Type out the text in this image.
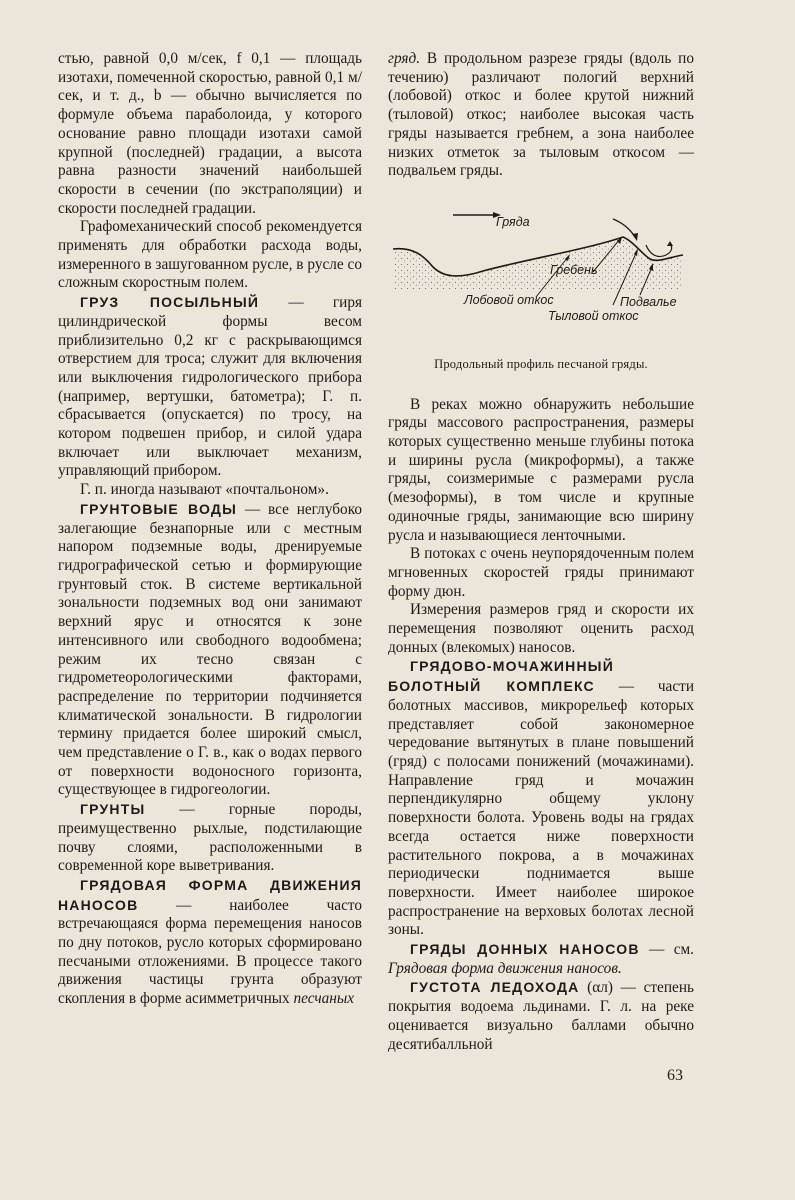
стью, равной 0,0 м/сек, f 0,1 — площадь изотахи, помеченной скоростью, равной 0,1 м/сек, и т. д., b — обычно вычисляется по формуле объема параболоида, у которого основание равно площади изотахи самой крупной (последней) градации, а высота равна разности значений наибольшей скорости в сечении (по экстраполяции) и скорости последней градации.

Графомеханический способ рекомендуется применять для обработки расхода воды, измеренного в зашугованном русле, в русле со сложным скоростным полем.

ГРУЗ ПОСЫЛЬНЫЙ — гиря цилиндрической формы весом приблизительно 0,2 кг с раскрывающимся отверстием для троса; служит для включения или выключения гидрологического прибора (например, вертушки, батометра); Г. п. сбрасывается (опускается) по тросу, на котором подвешен прибор, и силой удара включает или выключает механизм, управляющий прибором.

Г. п. иногда называют «почтальоном».

ГРУНТОВЫЕ ВОДЫ — все неглубоко залегающие безнапорные или с местным напором подземные воды, дренируемые гидрографической сетью и формирующие грунтовый сток. В системе вертикальной зональности подземных вод они занимают верхний ярус и относятся к зоне интенсивного или свободного водообмена; режим их тесно связан с гидрометеорологическими факторами, распределение по территории подчиняется климатической зональности. В гидрологии термину придается более широкий смысл, чем представление о Г. в., как о водах первого от поверхности водоносного горизонта, существующее в гидрогеологии.

ГРУНТЫ — горные породы, преимущественно рыхлые, подстилающие почву слоями, расположенными в современной коре выветривания.

ГРЯДОВАЯ ФОРМА ДВИЖЕНИЯ НАНОСОВ — наиболее часто встречающаяся форма перемещения наносов по дну потоков, русло которых сформировано песчаными отложениями. В процессе такого движения частицы грунта образуют скопления в форме асимметричных песчаных

гряд. В продольном разрезе гряды (вдоль по течению) различают пологий верхний (лобовой) откос и более крутой нижний (тыловой) откос; наиболее высокая часть гряды называется гребнем, а зона наиболее низких отметок за тыловым откосом — подвальем гряды.

Гряда
Гребень
Лобовой откос	Подвалье
Тыловой откос

Продольный профиль песчаной гряды.

В реках можно обнаружить небольшие гряды массового распространения, размеры которых существенно меньше глубины потока и ширины русла (микроформы), а также гряды, соизмеримые с размерами русла (мезоформы), в том числе и крупные одиночные гряды, занимающие всю ширину русла и называющиеся ленточными.

В потоках с очень неупорядоченным полем мгновенных скоростей гряды принимают форму дюн.

Измерения размеров гряд и скорости их перемещения позволяют оценить расход донных (влекомых) наносов.

ГРЯДОВО-МОЧАЖИННЫЙ БОЛОТНЫЙ КОМПЛЕКС — части болотных массивов, микрорельеф которых представляет собой закономерное чередование вытянутых в плане повышений (гряд) с полосами понижений (мочажинами). Направление гряд и мочажин перпендикулярно общему уклону поверхности болота. Уровень воды на грядах всегда остается ниже поверхности растительного покрова, а в мочажинах периодически поднимается выше поверхности. Имеет наиболее широкое распространение на верховых болотах лесной зоны.

ГРЯДЫ ДОННЫХ НАНОСОВ — см. Грядовая форма движения наносов.

ГУСТОТА ЛЕДОХОДА (αл) — степень покрытия водоема льдинами. Г. л. на реке оценивается визуально баллами обычно десятибалльной

63
